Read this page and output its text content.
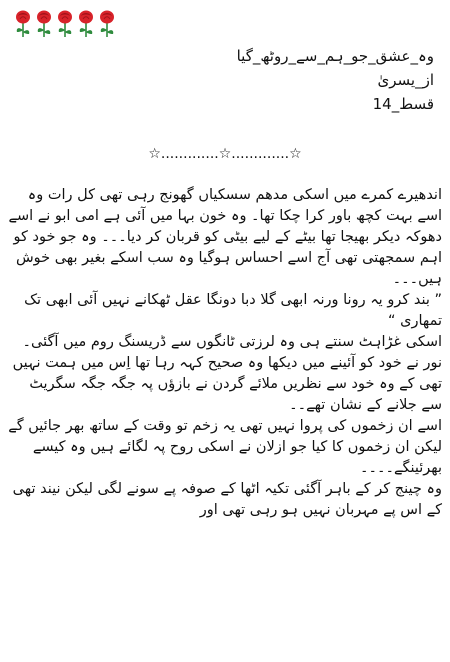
وہ_عشق_جو_ہم_سے_روٹھ_گیا
از_یسریٰ
قسط_14
☆.............☆.............☆

اندھیرے کمرے میں اسکی مدھم سسکیاں گھونج رہی تھی کل رات وہ اسے بہت کچھ باور کرا چکا تھا۔ وہ خون بہا میں آئی ہے امی ابو نے اسے دھوکہ دیکر بھیجا تھا بیٹے کے لیے بیٹی کو قربان کر دیا۔۔۔ وہ جو خود کو اہم سمجھتی تھی آج اسے احساس ہوگیا وہ سب اسکے بغیر بھی خوش ہیں۔۔۔

” بند کرو یہ رونا ورنہ ابھی گلا دبا دونگا عقل ٹھکانے نہیں آئی ابھی تک تمھاری “

اسکی غڑاہٹ سنتے ہی وہ لرزتی ٹانگوں سے ڈریسنگ روم میں آگئی۔ نور نے خود کو آئینے میں دیکھا وہ صحیح کہہ رہا تھا اِس میں ہمت نہیں تھی کے وہ خود سے نظریں ملائے گردن نے بازؤں پہ جگہ جگہ سگریٹ سے جلانے کے نشان تھے۔۔

اسے ان زخموں کی پروا نہیں تھی یہ زخم تو وقت کے ساتھ بھر جائیں گے لیکن ان زخموں کا کیا جو ازلان نے اسکی روح پہ لگائے ہیں وہ کیسے بھرئینگے۔۔۔۔

وہ چینج کر کے باہر آگئی تکیہ اٹھا کے صوفہ پے سونے لگی لیکن نیند تھی کے اس پے مہربان نہیں ہو رہی تھی اور
